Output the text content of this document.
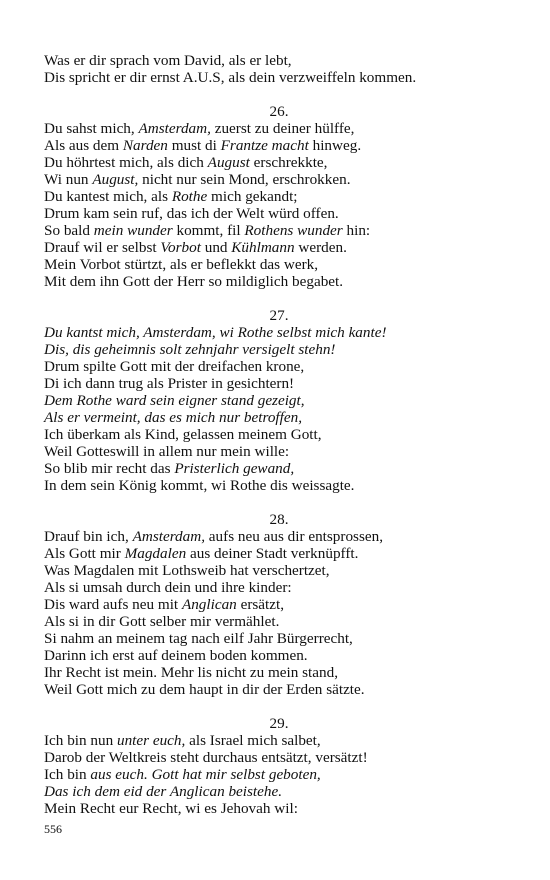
Was er dir sprach vom David, als er lebt,
Dis spricht er dir ernst A.U.S, als dein verzweiffeln kommen.
26.
Du sahst mich, Amsterdam, zuerst zu deiner hülffe,
Als aus dem Narden must di Frantze macht hinweg.
Du höhrtest mich, als dich August erschrekkte,
Wi nun August, nicht nur sein Mond, erschrokken.
Du kantest mich, als Rothe mich gekandt;
Drum kam sein ruf, das ich der Welt würd offen.
So bald mein wunder kommt, fil Rothens wunder hin:
Drauf wil er selbst Vorbot und Kühlmann werden.
Mein Vorbot stürtzt, als er beflekkt das werk,
Mit dem ihn Gott der Herr so mildiglich begabet.
27.
Du kantst mich, Amsterdam, wi Rothe selbst mich kante!
Dis, dis geheimnis solt zehnjahr versigelt stehn!
Drum spilte Gott mit der dreifachen krone,
Di ich dann trug als Prister in gesichtern!
Dem Rothe ward sein eigner stand gezeigt,
Als er vermeint, das es mich nur betroffen,
Ich überkam als Kind, gelassen meinem Gott,
Weil Gotteswill in allem nur mein wille:
So blib mir recht das Pristerlich gewand,
In dem sein König kommt, wi Rothe dis weissagte.
28.
Drauf bin ich, Amsterdam, aufs neu aus dir entsprossen,
Als Gott mir Magdalen aus deiner Stadt verknüpfft.
Was Magdalen mit Lothsweib hat verschertzet,
Als si umsah durch dein und ihre kinder:
Dis ward aufs neu mit Anglican ersätzt,
Als si in dir Gott selber mir vermählet.
Si nahm an meinem tag nach eilf Jahr Bürgerrecht,
Darinn ich erst auf deinem boden kommen.
Ihr Recht ist mein. Mehr lis nicht zu mein stand,
Weil Gott mich zu dem haupt in dir der Erden sätzte.
29.
Ich bin nun unter euch, als Israel mich salbet,
Darob der Weltkreis steht durchaus entsätzt, versätzt!
Ich bin aus euch. Gott hat mir selbst geboten,
Das ich dem eid der Anglican beistehe.
Mein Recht eur Recht, wi es Jehovah wil:
556
